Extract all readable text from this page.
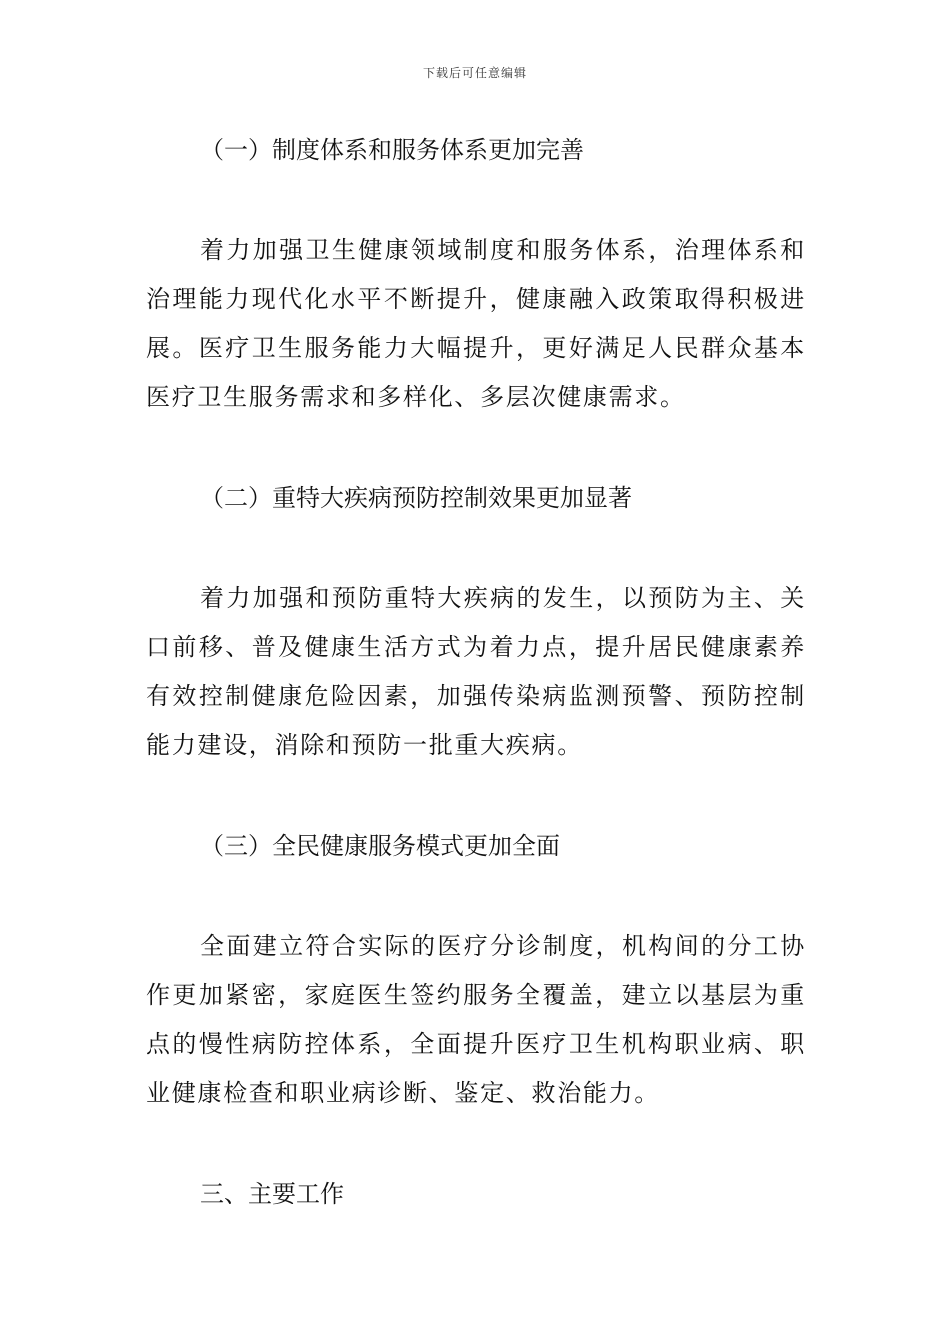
下载后可任意编辑
（一）制度体系和服务体系更加完善

着力加强卫生健康领域制度和服务体系，治理体系和治理能力现代化水平不断提升，健康融入政策取得积极进展。医疗卫生服务能力大幅提升，更好满足人民群众基本医疗卫生服务需求和多样化、多层次健康需求。

（二）重特大疾病预防控制效果更加显著

着力加强和预防重特大疾病的发生，以预防为主、关口前移、普及健康生活方式为着力点，提升居民健康素养有效控制健康危险因素，加强传染病监测预警、预防控制能力建设，消除和预防一批重大疾病。

（三）全民健康服务模式更加全面

全面建立符合实际的医疗分诊制度，机构间的分工协作更加紧密，家庭医生签约服务全覆盖，建立以基层为重点的慢性病防控体系，全面提升医疗卫生机构职业病、职业健康检查和职业病诊断、鉴定、救治能力。

三、主要工作
